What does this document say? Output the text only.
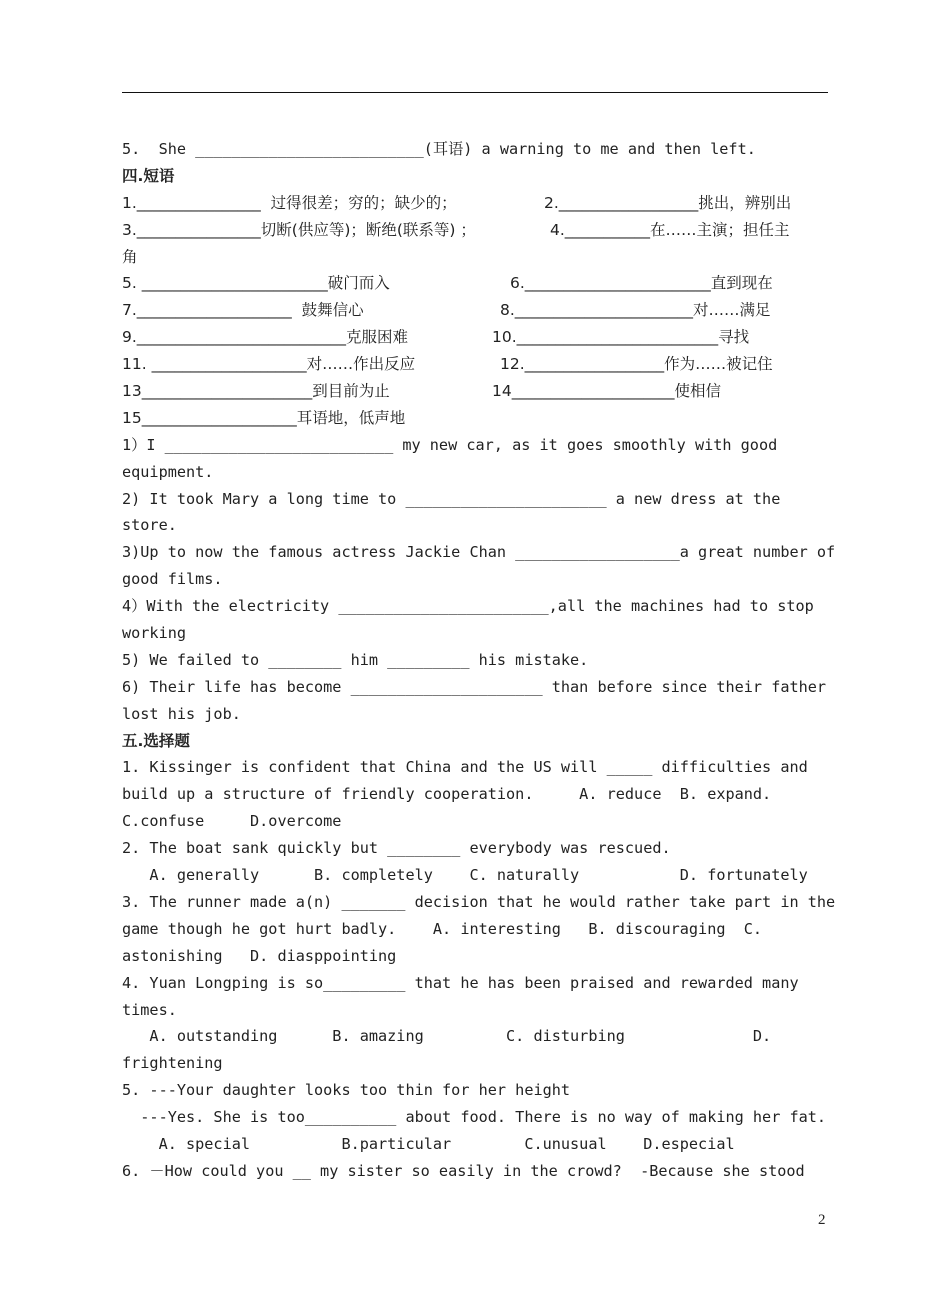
5.  She _________________________(耳语) a warning to me and then left.
四.短语
1.________________  过得很差；穷的；缺少的；	2.__________________挑出，辨别出
3.________________切断(供应等)；断绝(联系等) ；	4.___________在……主演；担任主
角
5. ________________________破门而入	6.________________________直到现在
7.____________________  鼓舞信心	8._______________________对……满足
9.___________________________克服困难	10.__________________________寻找
11. ____________________对……作出反应	12.__________________作为……被记住
13______________________到目前为止	14_____________________使相信
15____________________耳语地，低声地
1）I _________________________ my new car, as it goes smoothly with good
equipment.
2) It took Mary a long time to ______________________ a new dress at the
store.
3)Up to now the famous actress Jackie Chan __________________a great number of
good films.
4）With the electricity _______________________,all the machines had to stop
working
5) We failed to ________ him _________ his mistake.
6) Their life has become _____________________ than before since their father
lost his job.
五.选择题
1. Kissinger is confident that China and the US will _____ difficulties and
build up a structure of friendly cooperation.     A. reduce  B. expand.
C.confuse     D.overcome
2. The boat sank quickly but ________ everybody was rescued.
A. generally      B. completely    C. naturally           D. fortunately
3. The runner made a(n) _______ decision that he would rather take part in the
game though he got hurt badly.    A. interesting   B. discouraging  C.
astonishing   D. diasppointing
4. Yuan Longping is so_________ that he has been praised and rewarded many
times.
A. outstanding      B. amazing         C. disturbing              D.
frightening
5. ---Your daughter looks too thin for her height
---Yes. She is too__________ about food. There is no way of making her fat.
A. special          B.particular        C.unusual    D.especial
6. －How could you __ my sister so easily in the crowd?  -Because she stood
2
